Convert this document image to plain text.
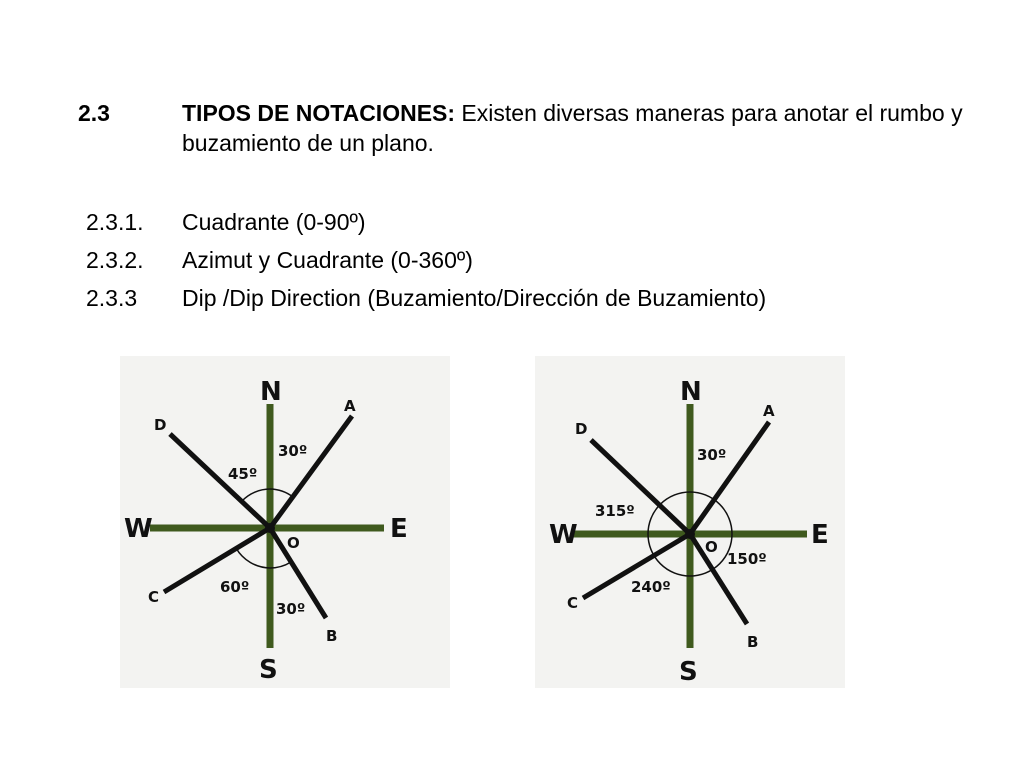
2.3	TIPOS DE NOTACIONES: Existen diversas maneras para anotar el rumbo y buzamiento de un plano.
2.3.1. Cuadrante (0-90º)
2.3.2. Azimut y Cuadrante (0-360º)
2.3.3 Dip /Dip Direction (Buzamiento/Dirección de Buzamiento)
N
S
E
W	O
A
D
C
B
30º
45º
60º
30º
N
S
E
W	O
A
D
C
B
30º
315º
150º
240º
